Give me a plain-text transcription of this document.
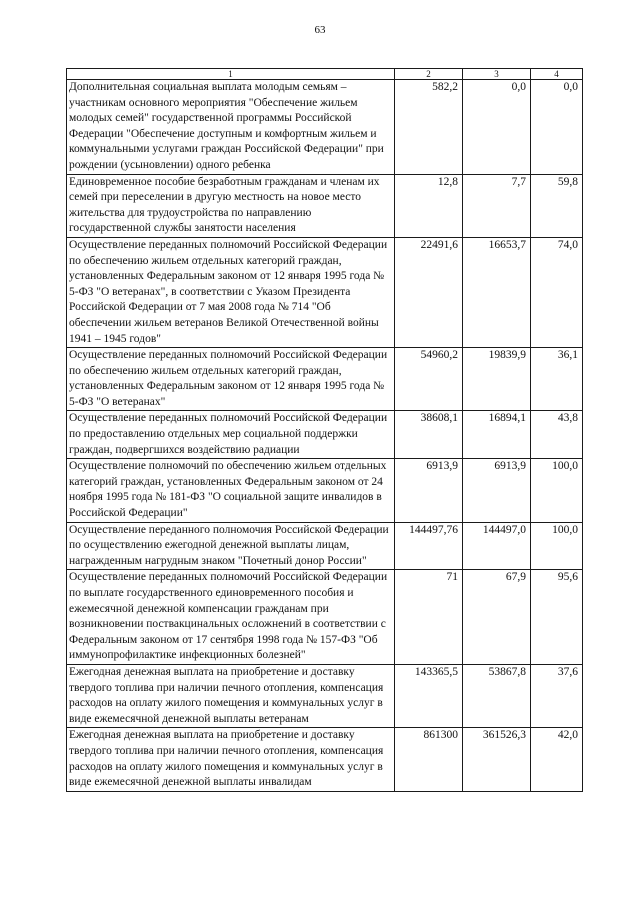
63
1	2	3	4
Дополнительная социальная выплата молодым семьям – участникам основного мероприятия "Обеспечение жильем молодых семей" государственной программы Российской Федерации "Обеспечение доступным и комфортным жильем и коммунальными услугами граждан Российской Федерации" при рождении (усыновлении) одного ребенка	582,2	0,0	0,0
Единовременное пособие безработным гражданам и членам их семей при переселении в другую местность на новое место жительства для трудоустройства по направлению государственной службы занятости населения	12,8	7,7	59,8
Осуществление переданных полномочий Российской Федерации по обеспечению жильем отдельных категорий граждан, установленных Федеральным законом от 12 января 1995 года № 5-ФЗ "О ветеранах", в соответствии с Указом Президента Российской Федерации от 7 мая 2008 года № 714 "Об обеспечении жильем ветеранов Великой Отечественной войны 1941 – 1945 годов"	22491,6	16653,7	74,0
Осуществление переданных полномочий Российской Федерации по обеспечению жильем отдельных категорий граждан, установленных Федеральным законом от 12 января 1995 года № 5-ФЗ "О ветеранах"	54960,2	19839,9	36,1
Осуществление переданных полномочий Российской Федерации по предоставлению отдельных мер социальной поддержки граждан, подвергшихся воздействию радиации	38608,1	16894,1	43,8
Осуществление полномочий по обеспечению жильем отдельных категорий граждан, установленных Федеральным законом от 24 ноября 1995 года № 181-ФЗ "О социальной защите инвалидов в Российской Федерации"	6913,9	6913,9	100,0
Осуществление переданного полномочия Российской Федерации по осуществлению ежегодной денежной выплаты лицам, награжденным нагрудным знаком "Почетный донор России"	144497,76	144497,0	100,0
Осуществление переданных полномочий Российской Федерации по выплате государственного единовременного пособия и ежемесячной денежной компенсации гражданам при возникновении поствакцинальных осложнений в соответствии с Федеральным законом от 17 сентября 1998 года № 157-ФЗ "Об иммунопрофилактике инфекционных болезней"	71	67,9	95,6
Ежегодная денежная выплата на приобретение и доставку твердого топлива при наличии печного отопления, компенсация расходов на оплату жилого помещения и коммунальных услуг в виде ежемесячной денежной выплаты ветеранам	143365,5	53867,8	37,6
Ежегодная денежная выплата на приобретение и доставку твердого топлива при наличии печного отопления, компенсация расходов на оплату жилого помещения и коммунальных услуг в виде ежемесячной денежной выплаты инвалидам	861300	361526,3	42,0
